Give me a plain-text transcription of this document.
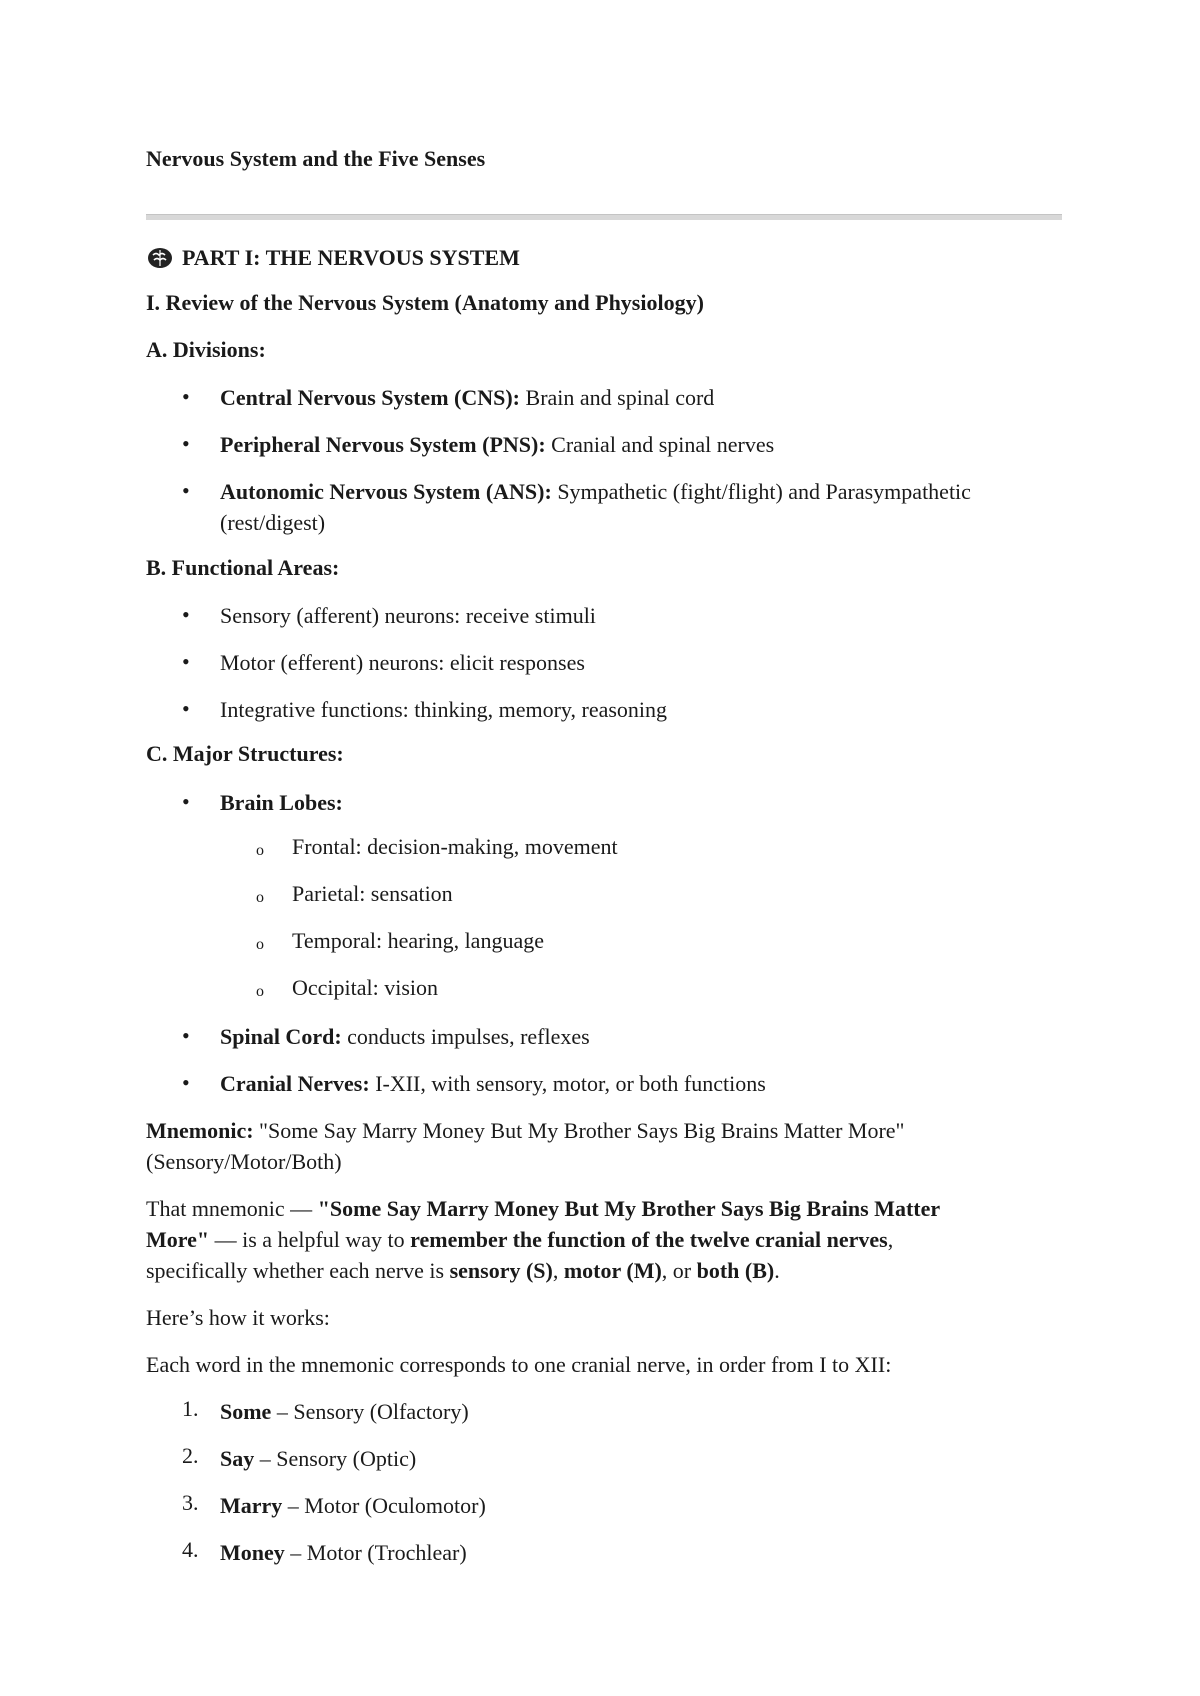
Nervous System and the Five Senses
PART I: THE NERVOUS SYSTEM
I. Review of the Nervous System (Anatomy and Physiology)
A. Divisions:
• Central Nervous System (CNS): Brain and spinal cord
• Peripheral Nervous System (PNS): Cranial and spinal nerves
• Autonomic Nervous System (ANS): Sympathetic (fight/flight) and Parasympathetic
(rest/digest)
B. Functional Areas:
• Sensory (afferent) neurons: receive stimuli
• Motor (efferent) neurons: elicit responses
• Integrative functions: thinking, memory, reasoning
C. Major Structures:
• Brain Lobes:
o Frontal: decision-making, movement
o Parietal: sensation
o Temporal: hearing, language
o Occipital: vision
• Spinal Cord: conducts impulses, reflexes
• Cranial Nerves: I-XII, with sensory, motor, or both functions
Mnemonic: "Some Say Marry Money But My Brother Says Big Brains Matter More"
(Sensory/Motor/Both)
That mnemonic — "Some Say Marry Money But My Brother Says Big Brains Matter
More" — is a helpful way to remember the function of the twelve cranial nerves,
specifically whether each nerve is sensory (S), motor (M), or both (B).
Here’s how it works:
Each word in the mnemonic corresponds to one cranial nerve, in order from I to XII:
1. Some – Sensory (Olfactory)
2. Say – Sensory (Optic)
3. Marry – Motor (Oculomotor)
4. Money – Motor (Trochlear)
